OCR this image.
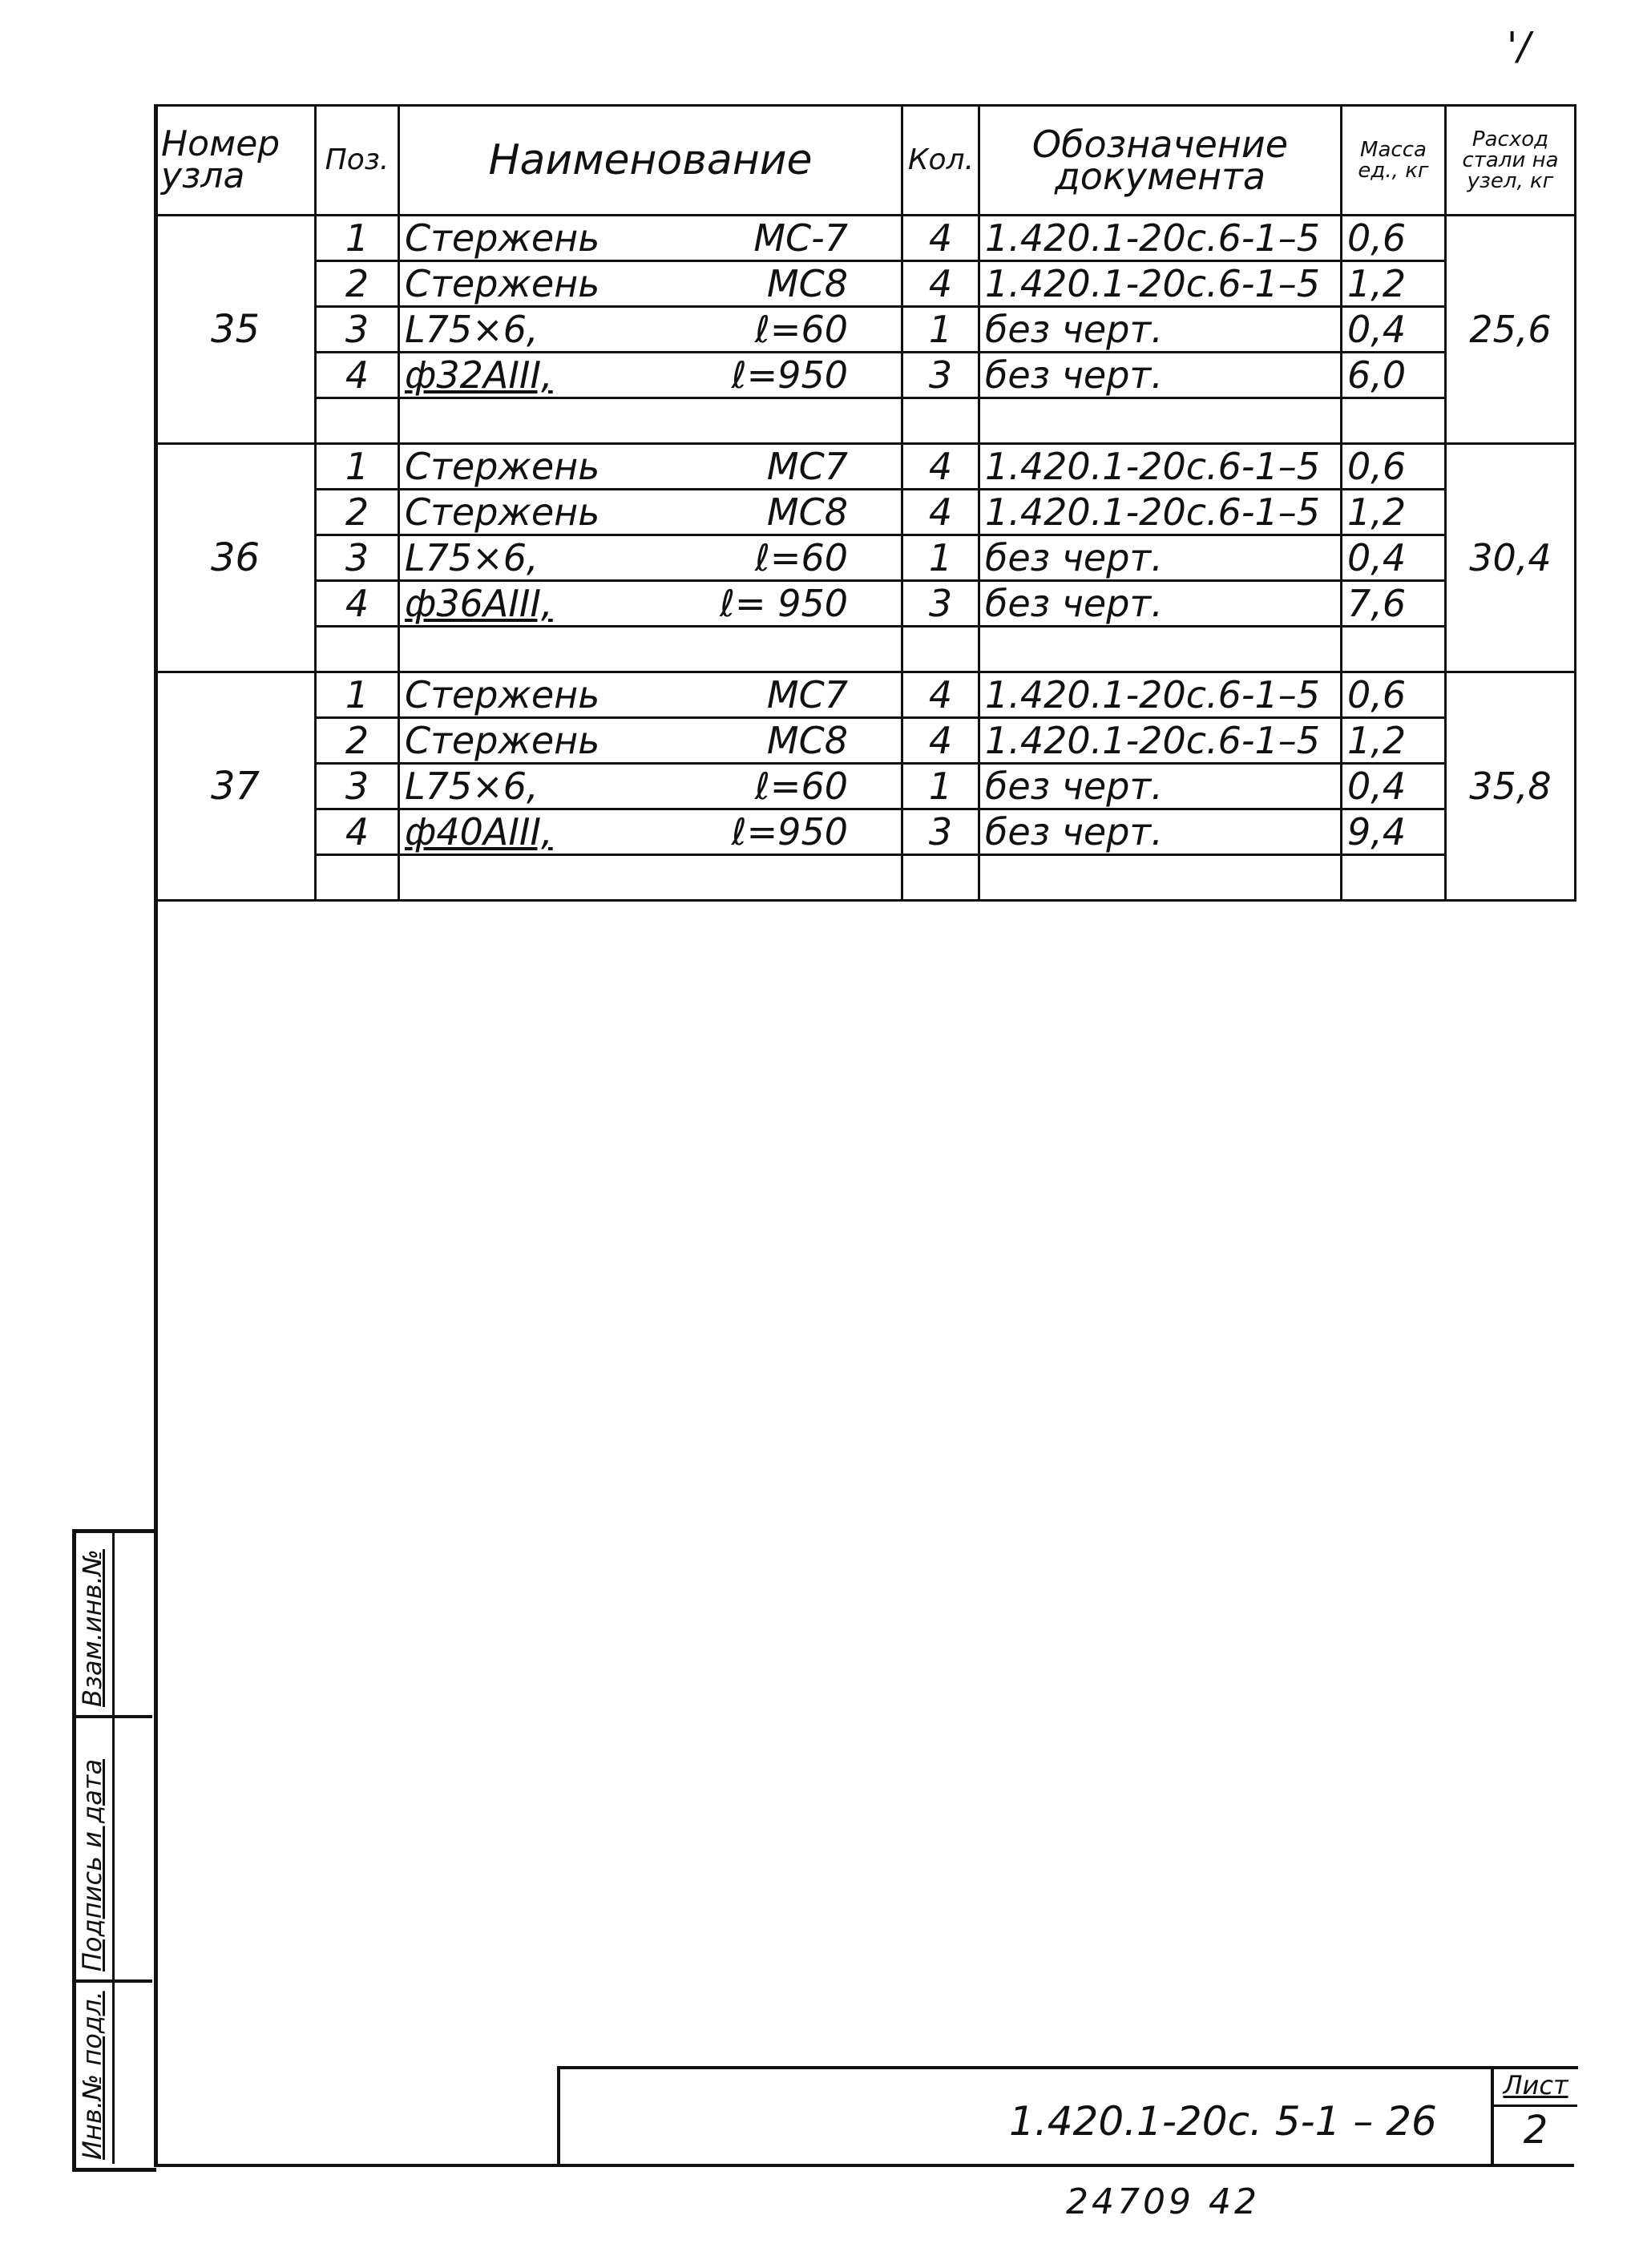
'/
Номер узла	Поз.	Наименование	Кол.	Обозначение документа	Масса ед., кг	Расход стали на узел, кг
35	1	Стержень МС-7	4	1.420.1-20с.6-1–5	0,6	25,6
	2	Стержень МС8	4	1.420.1-20с.6-1–5	1,2	
	3	L75×6, ℓ=60	1	без черт.	0,4	
	4	ф32АIII, ℓ=950	3	без черт.	6,0	

36	1	Стержень МС7	4	1.420.1-20с.6-1–5	0,6	30,4
	2	Стержень МС8	4	1.420.1-20с.6-1–5	1,2	
	3	L75×6, ℓ=60	1	без черт.	0,4	
	4	ф36АIII, ℓ= 950	3	без черт.	7,6	

37	1	Стержень МС7	4	1.420.1-20с.6-1–5	0,6	35,8
	2	Стержень МС8	4	1.420.1-20с.6-1–5	1,2	
	3	L75×6, ℓ=60	1	без черт.	0,4	
	4	ф40АIII, ℓ=950	3	без черт.	9,4	

Взам.инв.№
Подпись и дата
Инв.№ подл.	1.420.1-20с. 5-1 – 26
Лист
2
24709 42
